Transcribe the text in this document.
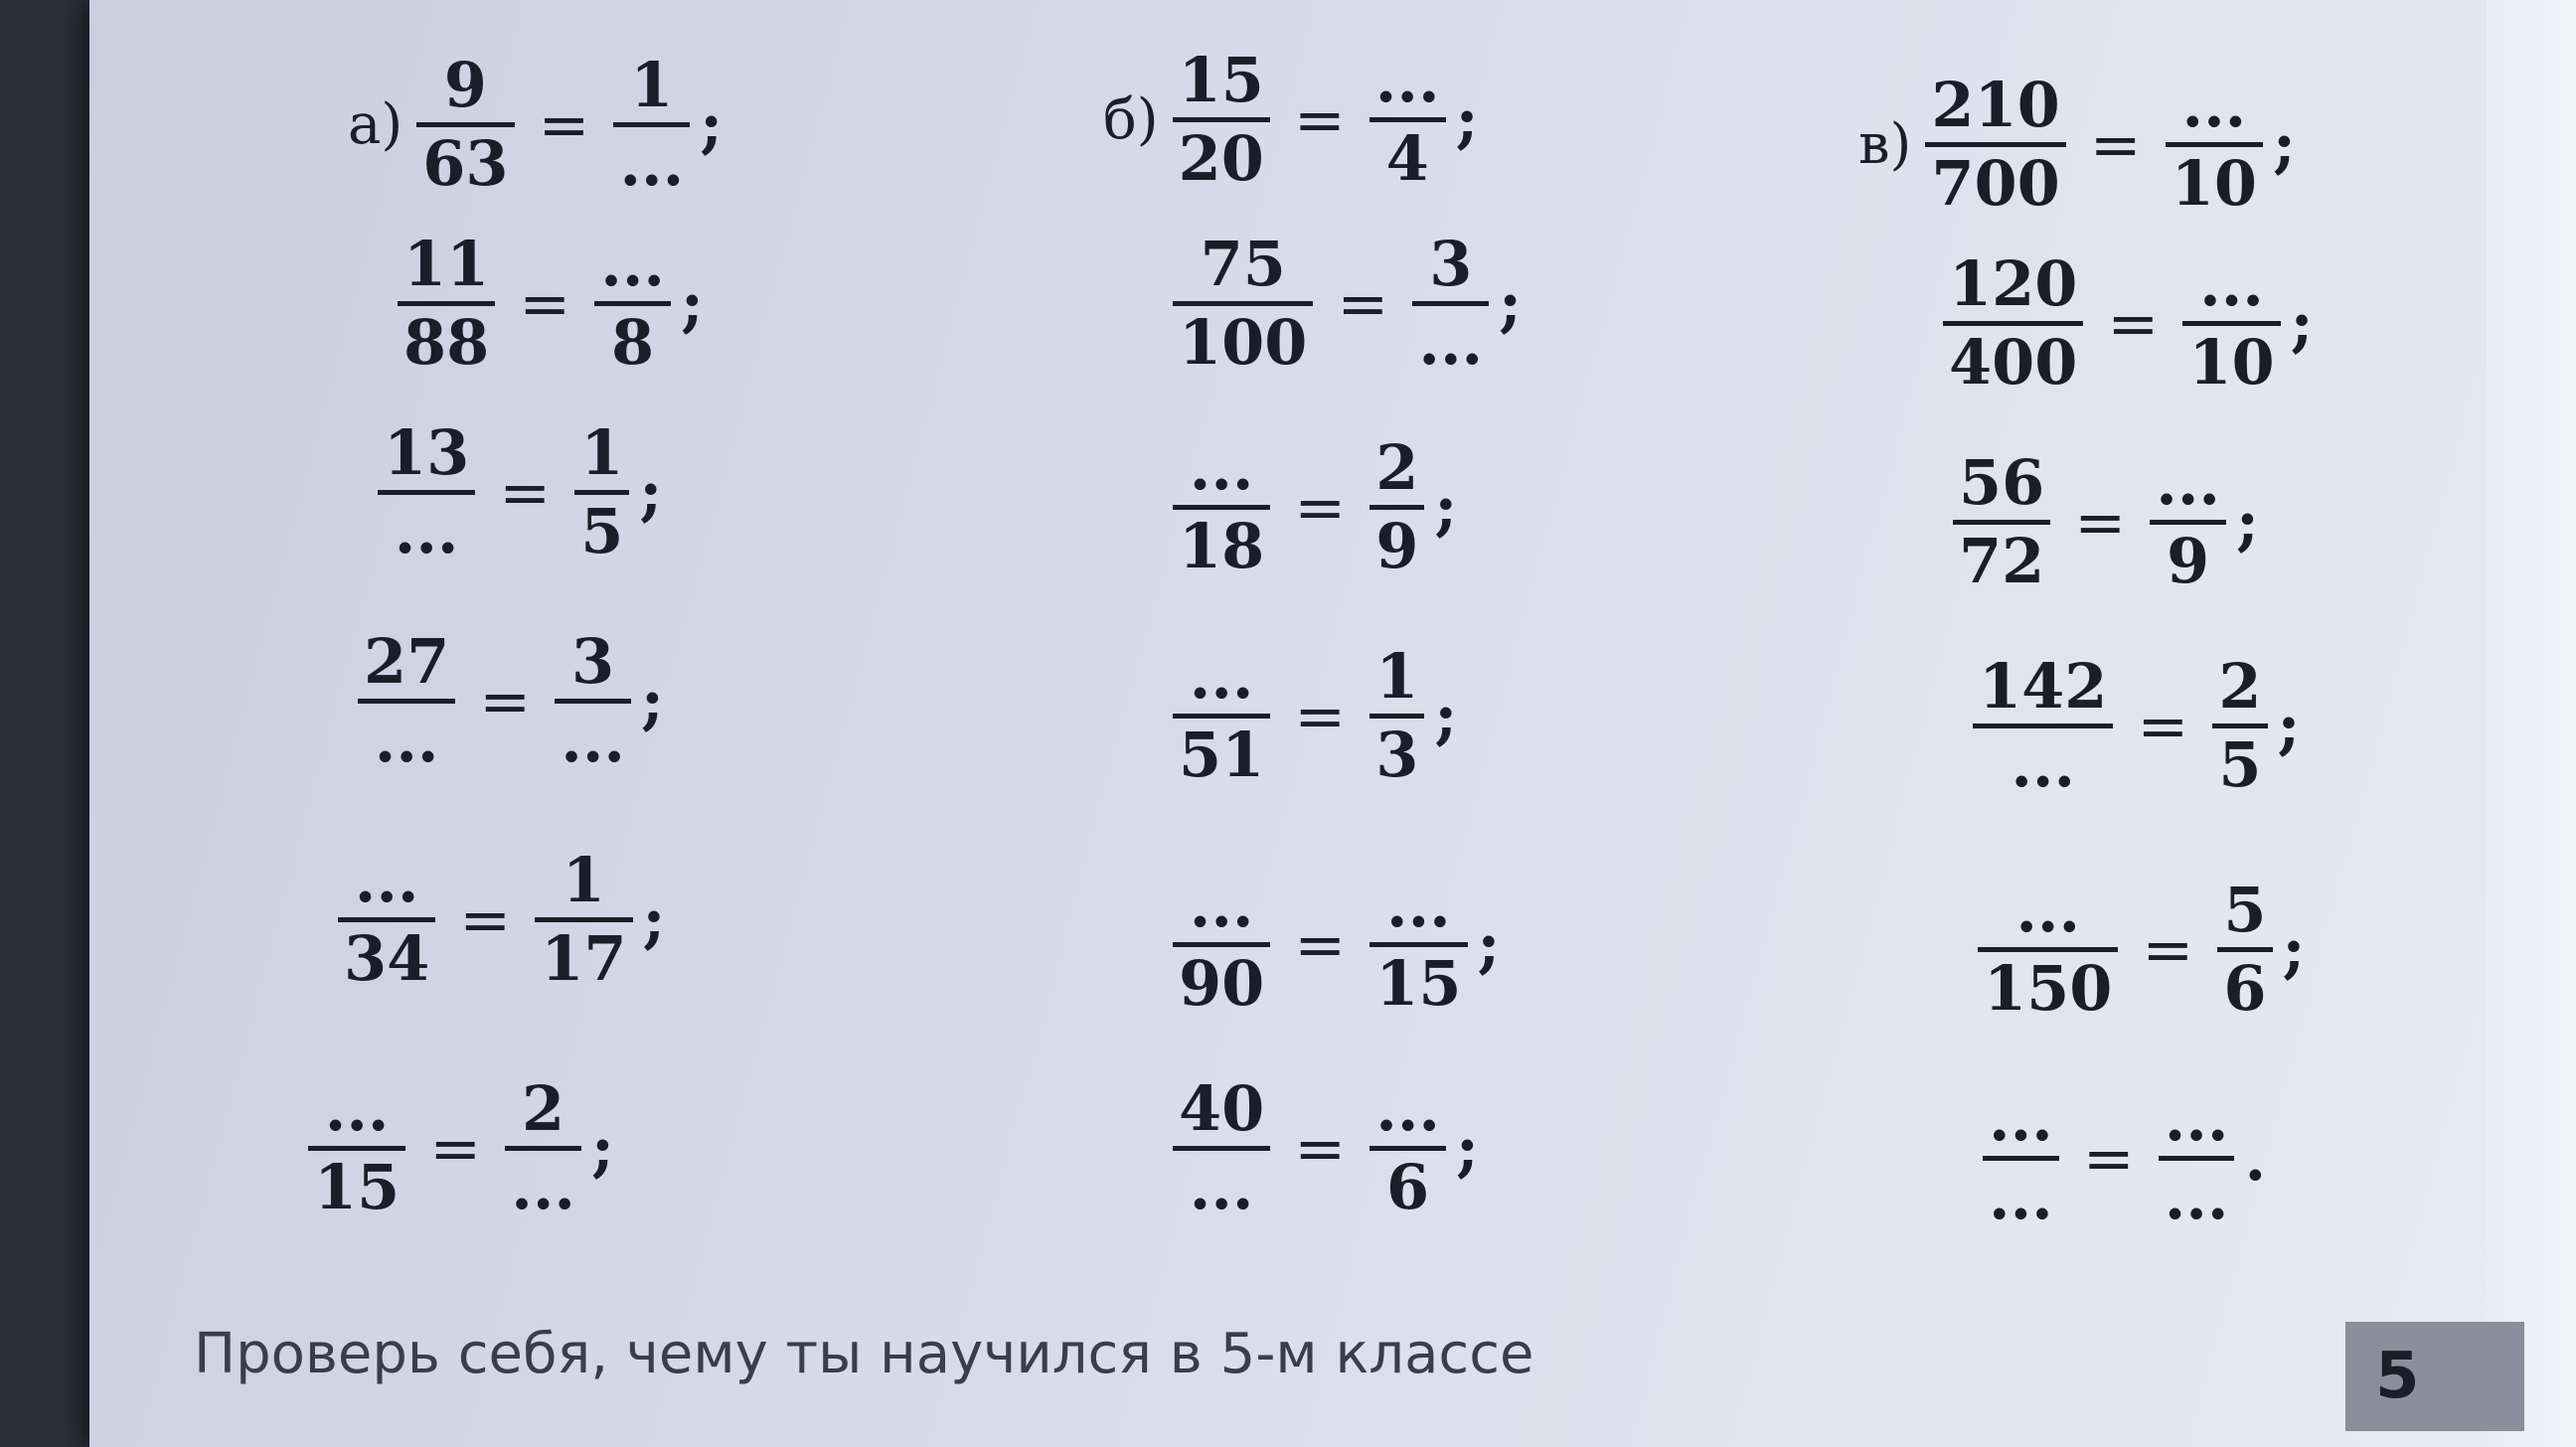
а)
9
63
=
1
...
;
11
88
=
...
8
;
13
...
=
1
5
;
27
...
=
3
...
;
...
34
=
1
17
;
...
15
=
2
...
;
б)
15
20
=
...
4
;
75
100
=
3
...
;
...
18
=
2
9
;
...
51
=
1
3
;
...
90
=
...
15
;
40
...
=
...
6
;
в)
210
700
=
...
10
;
120
400
=
...
10
;
56
72
=
...
9
;
142
...
=
2
5
;
...
150
=
5
6
;
...
...
=
...
...
.
Проверь себя, чему ты научился в 5-м классе	5
